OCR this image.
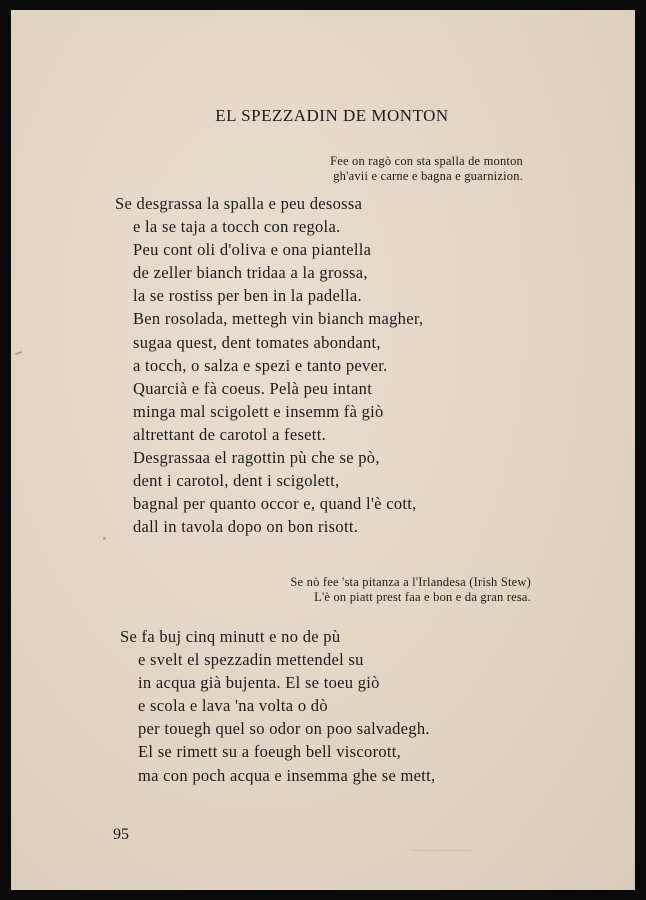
EL SPEZZADIN DE MONTON
Fee on ragò con sta spalla de monton
gh'avii e carne e bagna e guarnizion.
Se desgrassa la spalla e peu desossa
e la se taja a tocch con regola.
Peu cont oli d'oliva e ona piantella
de zeller bianch tridaa a la grossa,
la se rostiss per ben in la padella.
Ben rosolada, mettegh vin bianch magher,
sugaa quest, dent tomates abondant,
a tocch, o salza e spezi e tanto pever.
Quarcià e fà coeus. Pelà peu intant
minga mal scigolett e insemm fà giò
altrettant de carotol a fesett.
Desgrassaa el ragottin pù che se pò,
dent i carotol, dent i scigolett,
bagnal per quanto occor e, quand l'è cott,
dall in tavola dopo on bon risott.
Se nò fee 'sta pitanza a l'Irlandesa (Irish Stew)
L'è on piatt prest faa e bon e da gran resa.
Se fa buj cinq minutt e no de pù
e svelt el spezzadin mettendel su
in acqua già bujenta. El se toeu giò
e scola e lava 'na volta o dò
per touegh quel so odor on poo salvadegh.
El se rimett su a foeugh bell viscorott,
ma con poch acqua e insemma ghe se mett,
95
